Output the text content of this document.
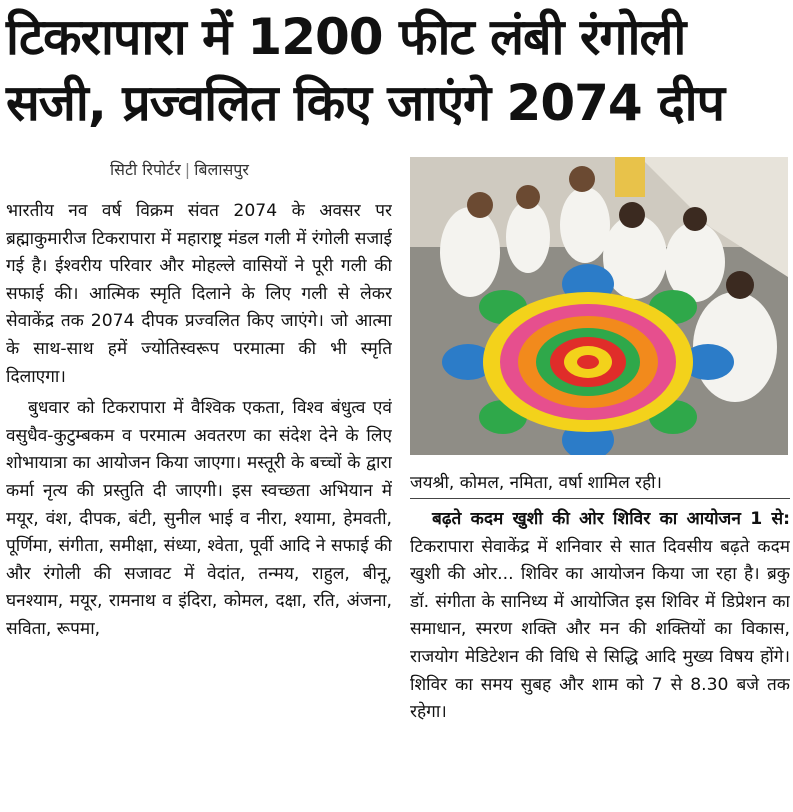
टिकरापारा में 1200 फीट लंबी रंगोली सजी, प्रज्वलित किए जाएंगे 2074 दीप
सिटी रिपोर्टर | बिलासपुर

भारतीय नव वर्ष विक्रम संवत 2074 के अवसर पर ब्रह्माकुमारीज टिकरापारा में महाराष्ट्र मंडल गली में रंगोली सजाई गई है। ईश्वरीय परिवार और मोहल्ले वासियों ने पूरी गली की सफाई की। आत्मिक स्मृति दिलाने के लिए गली से लेकर सेवाकेंद्र तक 2074 दीपक प्रज्वलित किए जाएंगे। जो आत्मा के साथ-साथ हमें ज्योतिस्वरूप परमात्मा की भी स्मृति दिलाएगा।

बुधवार को टिकरापारा में वैश्विक एकता, विश्व बंधुत्व एवं वसुधैव-कुटुम्बकम व परमात्म अवतरण का संदेश देने के लिए शोभायात्रा का आयोजन किया जाएगा। मस्तूरी के बच्चों के द्वारा कर्मा नृत्य की प्रस्तुति दी जाएगी। इस स्वच्छता अभियान में मयूर, वंश, दीपक, बंटी, सुनील भाई व नीरा, श्यामा, हेमवती, पूर्णिमा, संगीता, समीक्षा, संध्या, श्वेता, पूर्वी आदि ने सफाई की और रंगोली की सजावट में वेदांत, तन्मय, राहुल, बीनू, घनश्याम, मयूर, रामनाथ व इंदिरा, कोमल, दक्षा, रति, अंजना, सविता, रूपमा,

जयश्री, कोमल, नमिता, वर्षा शामिल रही।

बढ़ते कदम खुशी की ओर शिविर का आयोजन 1 से: टिकरापारा सेवाकेंद्र में शनिवार से सात दिवसीय बढ़ते कदम खुशी की ओर... शिविर का आयोजन किया जा रहा है। ब्रकु डॉ. संगीता के सानिध्य में आयोजित इस शिविर में डिप्रेशन का समाधान, स्मरण शक्ति और मन की शक्तियों का विकास, राजयोग मेडिटेशन की विधि से सिद्धि आदि मुख्य विषय होंगे। शिविर का समय सुबह और शाम को 7 से 8.30 बजे तक रहेगा।
